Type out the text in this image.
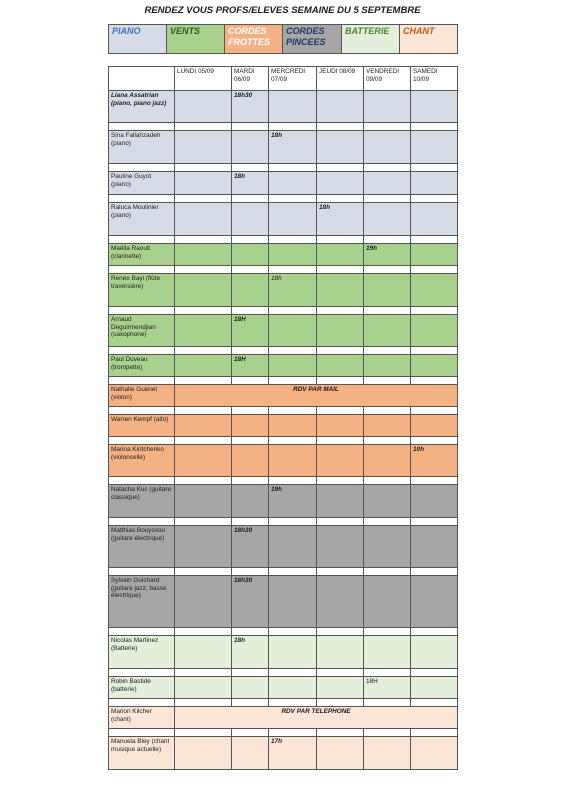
RENDEZ VOUS PROFS/ELEVES SEMAINE DU 5 SEPTEMBRE
PIANO	VENTS	CORDES FROTTES	CORDES PINCEES	BATTERIE	CHANT
	LUNDI 05/09	MARDI 06/09	MERCREDI 07/09	JEUDI 08/09	VENDREDI 09/09	SAMEDI 10/09
Liana Assatrian (piano, piano jazz)		18h30				

Sina Fallahzadeh (piano)			18h			

Pauline Guyot (piano)		18h				

Raluca Moulinier (piano)				18h		

Maëlla Raoult (clarinette)					19h	

Renée Bayi (flûte traversière)			18h			

Arnaud Deguirmendjian (saxophone)		18H				

Paul Duveau (trompette)		18H				

Nathalie Guenet (violon)	RDV PAR MAIL					

Warren Kempf (alto)						

Marina Kiritchenko (violoncelle)						10h

Natacha Kuc (guitare classique)			19h			

Matthias Bouyssou (guitare électrique)		18h30				

Sylvain Guichard (guitare jazz, basse électrique)		18h30				

Nicolas Martinez (Batterie)		18h				

Robin Bastide (batterie)					18H	

Marion Kilcher (chant)	RDV PAR TELEPHONE					

Manuela Bley (chant musique actuelle)			17h			
